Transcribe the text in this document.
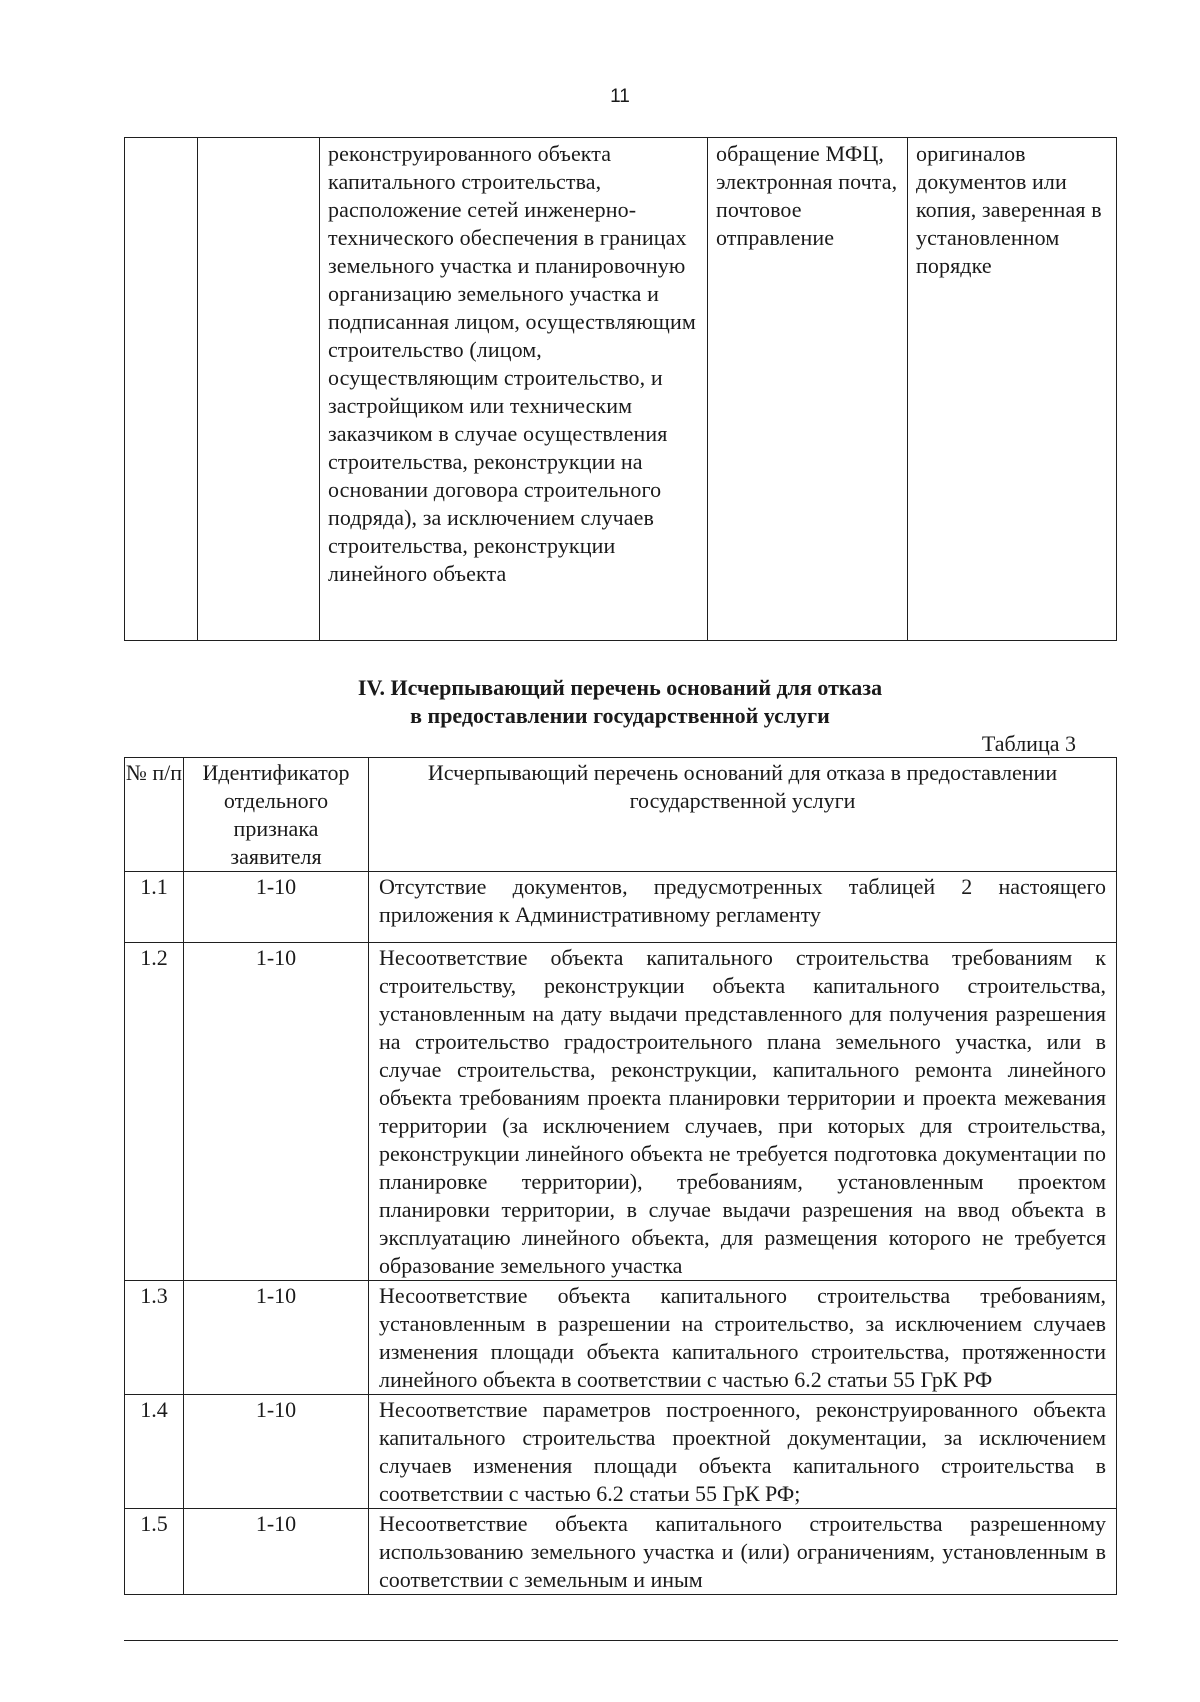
11
		реконструированного объекта капитального строительства, расположение сетей инженерно-технического обеспечения в границах земельного участка и планировочную организацию земельного участка и подписанная лицом, осуществляющим строительство (лицом, осуществляющим строительство, и застройщиком или техническим заказчиком в случае осуществления строительства, реконструкции на основании договора строительного подряда), за исключением случаев строительства, реконструкции линейного объекта	обращение МФЦ, электронная почта, почтовое отправление	оригиналов документов или копия, заверенная в установленном порядке
IV. Исчерпывающий перечень оснований для отказа
в предоставлении государственной услуги
Таблица 3
№ п/п	Идентификатор отдельного признака заявителя	Исчерпывающий перечень оснований для отказа в предоставлении государственной услуги
1.1	1-10	Отсутствие документов, предусмотренных таблицей 2 настоящего приложения к Административному регламенту
1.2	1-10	Несоответствие объекта капитального строительства требованиям к строительству, реконструкции объекта капитального строительства, установленным на дату выдачи представленного для получения разрешения на строительство градостроительного плана земельного участка, или в случае строительства, реконструкции, капитального ремонта линейного объекта требованиям проекта планировки территории и проекта межевания территории (за исключением случаев, при которых для строительства, реконструкции линейного объекта не требуется подготовка документации по планировке территории), требованиям, установленным проектом планировки территории, в случае выдачи разрешения на ввод объекта в эксплуатацию линейного объекта, для размещения которого не требуется образование земельного участка
1.3	1-10	Несоответствие объекта капитального строительства требованиям, установленным в разрешении на строительство, за исключением случаев изменения площади объекта капитального строительства, протяженности линейного объекта в соответствии с частью 6.2 статьи 55 ГрК РФ
1.4	1-10	Несоответствие параметров построенного, реконструированного объекта капитального строительства проектной документации, за исключением случаев изменения площади объекта капитального строительства в соответствии с частью 6.2 статьи 55 ГрК РФ;
1.5	1-10	Несоответствие объекта капитального строительства разрешенному использованию земельного участка и (или) ограничениям, установленным в соответствии с земельным и иным
